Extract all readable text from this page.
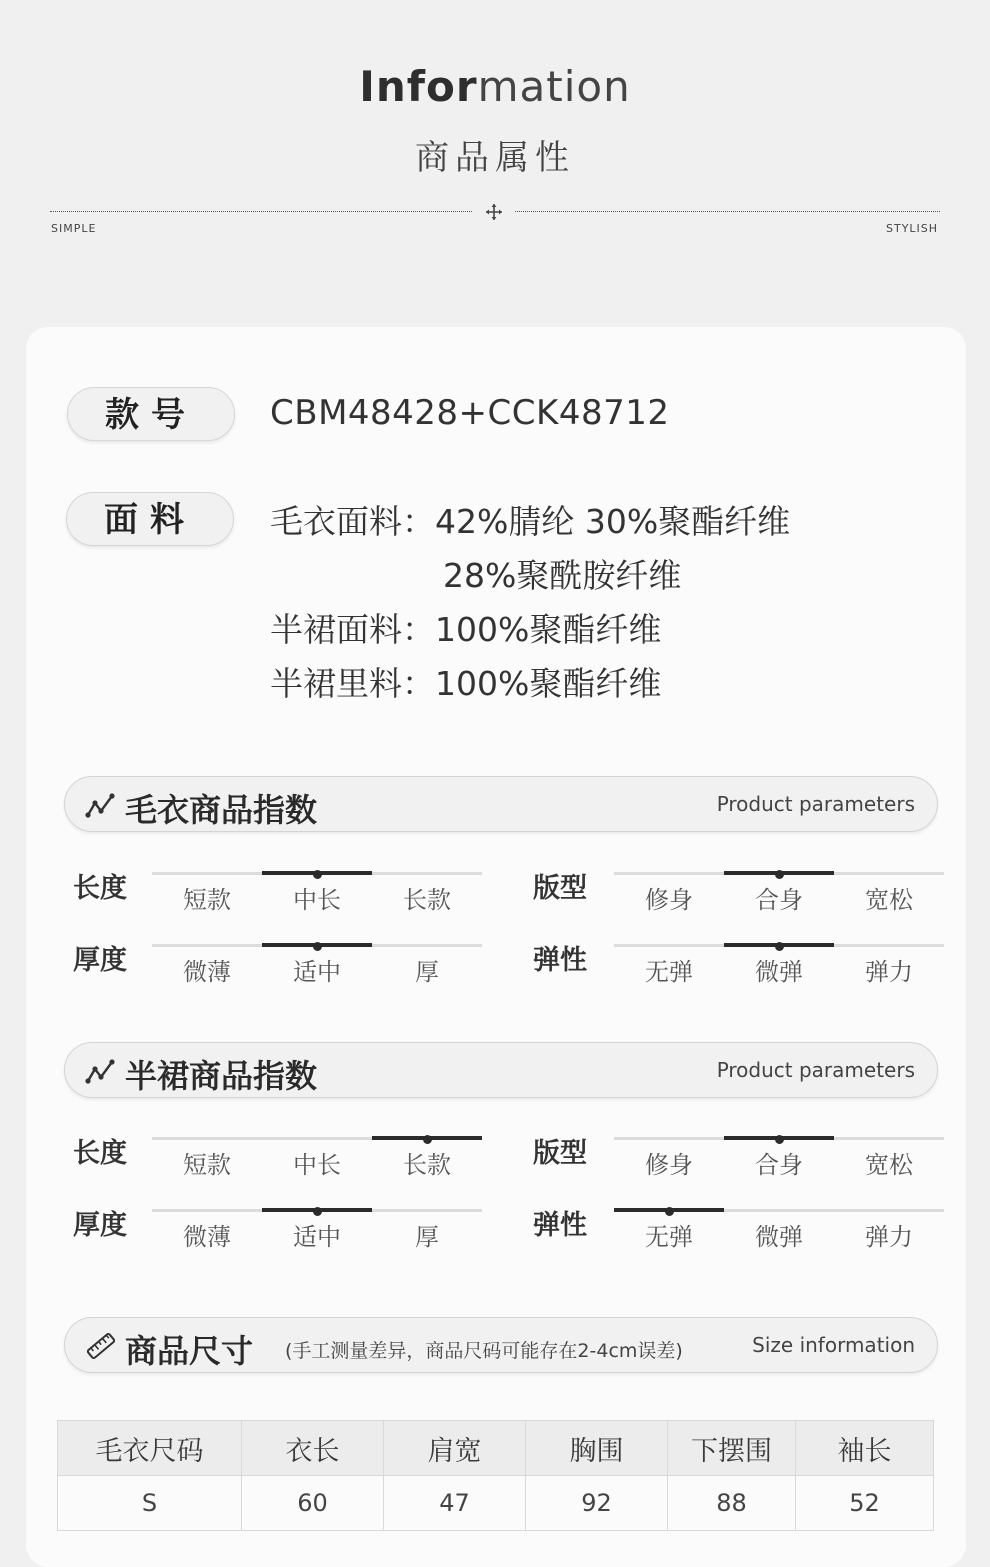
Information
商品属性
SIMPLE	STYLISH
款号	CBM48428+CCK48712
面料	毛衣面料：42%腈纶 30%聚酯纤维
28%聚酰胺纤维
半裙面料：100%聚酯纤维
半裙里料：100%聚酯纤维
毛衣商品指数	Product parameters
长度	短款	中长	长款	版型	修身	合身	宽松
厚度	微薄	适中	厚	弹性	无弹	微弹	弹力
半裙商品指数	Product parameters
长度	短款	中长	长款	版型	修身	合身	宽松
厚度	微薄	适中	厚	弹性	无弹	微弹	弹力
商品尺寸 (手工测量差异，商品尺码可能存在2-4cm误差)	Size information
毛衣尺码	衣长	肩宽	胸围	下摆围	袖长
S	60	47	92	88	52
